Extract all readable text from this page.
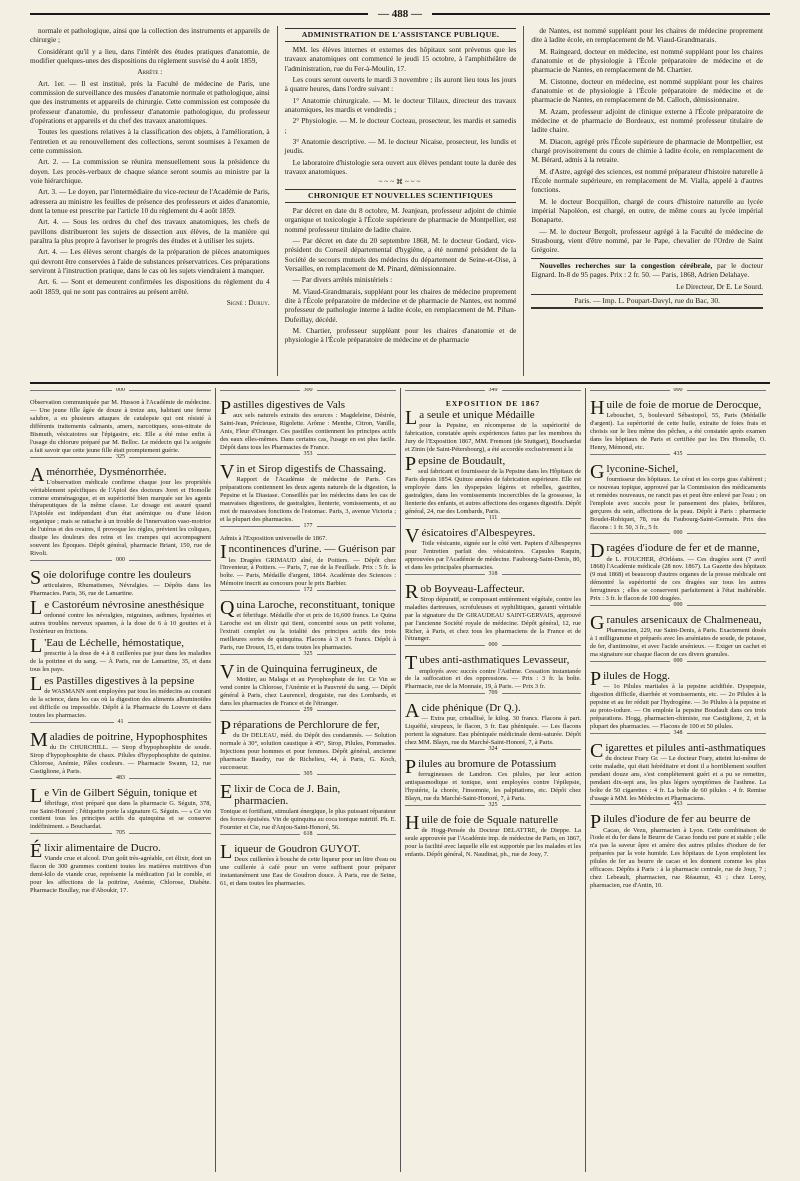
— 488 —

normale et pathologique, ainsi que la collection des instruments et appareils de chirurgie ;

Considérant qu'il y a lieu, dans l'intérêt des études pratiques d'anatomie, de modifier quelques-unes des dispositions du règlement susvisé du 4 août 1859,

Arrête :

Art. 1er. — Il est institué, près la Faculté de médecine de Paris, une commission de surveillance des musées d'anatomie normale et pathologique, ainsi que des instruments et appareils de chirurgie. Cette commission est composée du professeur d'anatomie, du professeur d'anatomie pathologique, du professeur d'opérations et appareils et du chef des travaux anatomiques.

Toutes les questions relatives à la classification des objets, à l'amélioration, à l'entretien et au renouvellement des collections, seront soumises à l'examen de cette commission.

Art. 2. — La commission se réunira mensuellement sous la présidence du doyen. Les procès-verbaux de chaque séance seront soumis au ministre par la voie hiérarchique.

Art. 3. — Le doyen, par l'intermédiaire du vice-recteur de l'Académie de Paris, adressera au ministre les feuilles de présence des professeurs et aides d'anatomie, dont la tenue est prescrite par l'article 10 du règlement du 4 août 1859.

Art. 4. — Sous les ordres du chef des travaux anatomiques, les chefs de pavillons distribueront les sujets de dissection aux élèves, de la manière qui paraîtra la plus propre à favoriser le progrès des études et à utiliser les sujets.

Art. 4. — Les élèves seront chargés de la préparation de pièces anatomiques qui devront être conservées à l'aide de substances préservatrices. Ces préparations serviront à l'instruction pratique, dans le cas où les sujets viendraient à manquer.

Art. 6. — Sont et demeurent confirmées les dispositions du règlement du 4 août 1859, qui ne sont pas contraires au présent arrêté.

Signé : Duruy.
ADMINISTRATION DE L'ASSISTANCE PUBLIQUE.

MM. les élèves internes et externes des hôpitaux sont prévenus que les travaux anatomiques ont commencé le jeudi 15 octobre, à l'amphithéâtre de l'administration, rue du Fer-à-Moulin, 17.

Les cours seront ouverts le mardi 3 novembre ; ils auront lieu tous les jours à quatre heures, dans l'ordre suivant :

1° Anatomie chirurgicale. — M. le docteur Tillaux, directeur des travaux anatomiques, les mardis et vendredis ;

2° Physiologie. — M. le docteur Cocteau, prosecteur, les mardis et samedis ;

3° Anatomie descriptive. — M. le docteur Nicaise, prosecteur, les lundis et jeudis.

Le laboratoire d'histologie sera ouvert aux élèves pendant toute la durée des travaux anatomiques.

~~~⌘~~~
CHRONIQUE ET NOUVELLES SCIENTIFIQUES

Par décret en date du 8 octobre, M. Jeanjean, professeur adjoint de chimie organique et toxicologie à l'École supérieure de pharmacie de Montpellier, est nommé professeur titulaire de ladite chaire.

— Par décret en date du 20 septembre 1868, M. le docteur Godard, vice-président du Conseil départemental d'hygiène, a été nommé président de la Société de secours mutuels des médecins du département de Seine-et-Oise, à Versailles, en remplacement de M. Pinard, démissionnaire.

— Par divers arrêtés ministériels :

M. Viaud-Grandmarais, suppléant pour les chaires de médecine proprement dite à l'École préparatoire de médecine et de pharmacie de Nantes, est nommé professeur de pathologie interne à ladite école, en remplacement de M. Pihan-Dufeillay, décédé.

M. Chartier, professeur suppléant pour les chaires d'anatomie et de physiologie à l'École préparatoire de médecine et de pharmacie

de Nantes, est nommé suppléant pour les chaires de médecine proprement dite à ladite école, en remplacement de M. Viaud-Grandmarais.

M. Raingeard, docteur en médecine, est nommé suppléant pour les chaires d'anatomie et de physiologie à l'École préparatoire de médecine et de pharmacie de Nantes, en remplacement de M. Chartier.

M. Cistonne, docteur en médecine, est nommé suppléant pour les chaires d'anatomie et de physiologie à l'École préparatoire de médecine et de pharmacie de Nantes, en remplacement de M. Calloch, démissionnaire.

M. Azam, professeur adjoint de clinique externe à l'École préparatoire de médecine et de pharmacie de Bordeaux, est nommé professeur titulaire de ladite chaire.

M. Diacon, agrégé près l'École supérieure de pharmacie de Montpellier, est chargé provisoirement du cours de chimie à ladite école, en remplacement de M. Bérard, admis à la retraite.

M. d'Astre, agrégé des sciences, est nommé préparateur d'histoire naturelle à l'École normale supérieure, en remplacement de M. Vialla, appelé à d'autres fonctions.

M. le docteur Bocquillon, chargé de cours d'histoire naturelle au lycée impérial Napoléon, est chargé, en outre, de même cours au lycée impérial Bonaparte.

— M. le docteur Bergolt, professeur agrégé à la Faculté de médecine de Strasbourg, vient d'être nommé, par le Pape, chevalier de l'Ordre de Saint Grégoire.

Nouvelles recherches sur la congestion cérébrale, par le docteur Eignard. In-8 de 95 pages. Prix : 2 fr. 50. — Paris, 1868, Adrien Delahaye.

Le Directeur, Dr E. Le Sourd.
Paris. — Imp. L. Poupart-Davyl, rue du Bac, 30.
000

Observation communiquée par M. Husson à l'Académie de médecine. — Une jeune fille âgée de douze à treize ans, habitant une ferme salubre, a eu plusieurs attaques de catalepsie qui ont résisté à différents traitements calmants, amers, narcotiques, sous-nitrate de Bismuth, vésicatoires sur l'épigastre, etc. Elle a été mise enfin à l'usage du chlorure préparé par M. Belloc. Le médecin qui l'a soignée a fait savoir que cette jeune fille était promptement guérie.

325
Aménorrhée, Dysménorrhée.

L'observation médicale confirme chaque jour les propriétés véritablement spécifiques de l'Apiol des docteurs Joret et Homolle comme emménagogue, et en supériorité bien marquée sur les agents thérapeutiques de la même classe. Le dosage est assuré quand l'Apiolée est indépendant d'un état anémique ou d'une lésion organique ; mais se rattache à un trouble de l'innervation vaso-motrice de l'utérus et des ovaires, il provoque les règles, prévient les coliques, dissipe les douleurs des reins et les crampes qui accompagnent souvent les Époques. Dépôt général, pharmacie Briant, 150, rue de Rivoli.

000
Soie dolorifuge contre les douleurs

articulaires, Rhumatismes, Névralgies. — Dépôts dans les Pharmacies. Paris, 36, rue de Lamartine.

Le Castoréum névrosine anesthésique

ordonné contre les névralgies, migraines, asthmes, hystéries et autres troubles nerveux spasmes, à la dose de 6 à 10 gouttes et à l'extérieur en frictions.

L 'Eau de Léchelle, hémostatique,

prescrite à la dose de 4 à 8 cuillerées par jour dans les maladies de la poitrine et du sang. — À Paris, rue de Lamartine, 35, et dans tous les pays.

Les Pastilles digestives à la pepsine

de WASMANN sont employées par tous les médecins au courant de la science, dans les cas où la digestion des aliments albuminoïdes est difficile ou impossible. Dépôt à la Pharmacie du Louvre et dans toutes les pharmacies.

41
Maladies de poitrine, Hypophosphites

du Dr CHURCHILL. — Sirop d'hypophosphite de soude. Sirop d'hypophosphite de chaux. Pilules d'hypophosphite de quinine. Chlorose, Anémie, Pâles couleurs. — Pharmacie Swann, 12, rue Castiglione, à Paris.

483
Le Vin de Gilbert Séguin, tonique et

fébrifuge, n'est préparé que dans la pharmacie G. Séguin, 378, rue Saint-Honoré ; l'étiquette porte la signature G. Séguin. — « Ce vin contient tous les principes actifs du quinquina et se conserve indéfiniment. » Bouchardat.

705
Élixir alimentaire de Ducro.

Viande crue et alcool. D'un goût très-agréable, cet élixir, dont un flacon de 300 grammes contient toutes les matières nutritives d'un demi-kilo de viande crue, représente la médication j'ai le comble, et pour les affections de la poitrine, Anémie, Chlorose, Diabète. Pharmacie Boullay, rue d'Aboukir, 17.

300
Pastilles digestives de Vals

aux sels naturels extraits des sources : Magdeleine, Désirée, Saint-Jean, Précieuse, Rigolette. Arôme : Menthe, Citron, Vanille, Anis, Fleur d'Oranger. Ces pastilles contiennent les principes actifs des eaux elles-mêmes. Dans certains cas, l'usage en est plus facile. Dépôt dans tous les Pharmacies de France.

353
Vin et Sirop digestifs de Chassaing.

Rapport de l'Académie de médecine de Paris. Ces préparations contiennent les deux agents naturels de la digestion, la Pepsine et la Diastase. Conseillés par les médecins dans les cas de mauvaises digestions, de gastralgies, lienterie, vomissements, et au mot de mauvaises fonctions de l'estomac. Paris, 3, avenue Victoria ; et la plupart des pharmacies.

177

Admis à l'Exposition universelle de 1867.

Incontinences d'urine. — Guérison par

les Dragées GRIMAUD aîné, de Poitiers. — Dépôt chez l'Inventeur, à Poitiers. — Paris, 7, rue de la Feuillade. Prix : 5 fr. la boîte. — Paris, Médaille d'argent, 1864. Académie des Sciences : Mémoire inscrit au concours pour le prix Barbier.

172
Quina Laroche, reconstituant, tonique

et fébrifuge. Médaille d'or et prix de 16,600 francs. Le Quina Laroche est un élixir qui tient, concentré sous un petit volume, l'extrait complet ou la totalité des principes actifs des trois meilleures sortes de quinquina. Flacons à 3 et 5 francs. Dépôt à Paris, rue Drouot, 15, et dans toutes les pharmacies.

325
Vin de Quinquina ferrugineux, de

Mottier, au Malaga et au Pyrophosphate de fer. Ce Vin se vend contre la Chlorose, l'Anémie et la Pauvreté du sang. — Dépôt général à Paris, chez Laurencel, droguiste, rue des Lombards, et dans les pharmacies de France et de l'étranger.

259
Préparations de Perchlorure de fer,

du Dr DELEAU, méd. du Dépôt des condamnés. — Solution normale à 30°, solution caustique à 45°, Sirop, Pilules, Pommades. Injections pour hommes et pour femmes. Dépôt général, ancienne pharmacie Baudry, rue de Richelieu, 44, à Paris, G. Koch, successeur.

305
Elixir de Coca de J. Bain, pharmacien.

Tonique et fortifiant, stimulant énergique, le plus puissant réparateur des forces épuisées. Vin de quinquina au coca tonique nutritif. Ph. E. Fournier et Cie, rue d'Anjou-Saint-Honoré, 56.

618
Liqueur de Goudron GUYOT.

Deux cuillerées à bouche de cette liqueur pour un litre d'eau ou une cuillerée à café pour un verre suffisent pour préparer instantanément une Eau de Goudron douce. À Paris, rue de Seine, 61, et dans toutes les pharmacies.

349
EXPOSITION DE 1867
La seule et unique Médaille

pour la Pepsine, en récompense de la supériorité de fabrication, constatée après expériences faites par les membres du Jury de l'Exposition 1867, MM. Fremont (de Stuttgart), Bouchardat et Zinin (de Saint-Pétersbourg), a été accordée exclusivement à la

Pepsine de Boudault,

seul fabricant et fournisseur de la Pepsine dans les Hôpitaux de Paris depuis 1854. Quinze années de fabrication supérieure. Elle est employée dans les dyspepsies légères et rebelles, gastrites, gastralgies, dans les vomissements incoercibles de la grossesse, la lienterie des enfants, et autres affections des organes digestifs. Dépôt général, 24, rue des Lombards, Paris.

111
Vésicatoires d'Albespeyres.

Toile vésicante, signée sur le côté vert. Papiers d'Albespeyres pour l'entretien parfait des vésicatoires. Capsules Raquin, approuvées par l'Académie de médecine. Faubourg-Saint-Denis, 80, et dans les principales pharmacies.

318
Rob Boyveau-Laffecteur.

Sirop dépuratif, se composant entièrement végétale, contre les maladies dartreuses, scrofuleuses et syphilitiques, garanti véritable par la signature du Dr GIRAUDEAU SAINT-GERVAIS, approuvé par l'ancienne Société royale de médecine. Dépôt général, 12, rue Richer, à Paris, et chez tous les pharmaciens de la France et de l'étranger.

000
Tubes anti-asthmatiques Levasseur,

employés avec succès contre l'Asthme. Cessation instantanée de la suffocation et des oppressions. — Prix : 3 fr. la boîte. Pharmacie, rue de la Monnaie, 19, à Paris. — Prix 3 fr.

709
Acide phénique (Dr Q.).

— Extra pur, cristallisé, le kilog. 30 francs. Flacons à part. Liquéfié, sirupeux, le flacon, 3 fr. Eau phéniquée. — Les flacons portent la signature. Eau phéniquée médicinale demi-saturée. Dépôt chez MM. Blayn, rue du Marché-Saint-Honoré, 7, à Paris.

324
Pilules au bromure de Potassium

ferrugineuses de Landron. Ces pilules, par leur action antispasmodique et tonique, sont employées contre l'épilepsie, l'hystérie, la chorée, l'insomnie, les palpitations, etc. Dépôt chez Blayn, rue du Marché-Saint-Honoré, 7, à Paris.

325
Huile de foie de Squale naturelle

de Hogg-Pensée du Docteur DELATTRE, de Dieppe. La seule approuvée par l'Académie imp. de médecine de Paris, en 1867, pour la facilité avec laquelle elle est supportée par les malades et les enfants. Dépôt général, N. Naudinat, ph., rue de Jouy, 7.

000
Huile de foie de morue de Derocque,

Lebouchet, 5, boulevard Sébastopol, 55, Paris (Médaille d'argent). La supériorité de cette huile, extraite de foies frais et choisis sur le lieu même des pêches, a été constatée après examen dans les hôpitaux de Paris et certifiée par les Drs Homolle, O. Henry, Mémond, etc.

435
Glyconine-Sichel,

fournisseur des hôpitaux. Le cérat et les corps gras s'altèrent ; ce nouveau topique, approuvé par la Commission des médicaments et remèdes nouveaux, ne rancit pas et peut être enlevé par l'eau ; on l'emploie avec succès pour le pansement des plaies, brûlures, gerçures du sein, affections de la peau. Dépôt à Paris : pharmacie Boudet-Robiquet, 78, rue du Faubourg-Saint-Germain. Prix des flacons : 1 fr. 50, 3 fr., 5 fr.

000
Dragées d'iodure de fer et de manne,

de L. FOUCHER, d'Orléans. — Ces dragées sont (7 avril 1868) l'Académie médicale (28 nov. 1867). La Gazette des hôpitaux (9 mai 1868) et beaucoup d'autres organes de la presse médicale ont démontré la supériorité de ces dragées sur tous les autres ferrugineux ; elles se conservent parfaitement à l'état inaltérable. Prix : 3 fr. le flacon de 100 dragées.

000
Granules arsenicaux de Chalmeneau,

Pharmacien, 229, rue Saint-Denis, à Paris. Exactement dosés à 1 milligramme et préparés avec les arséniates de soude, de potasse, de fer, d'antimoine, et avec l'acide arsénieux. — Exiger un cachet et ma signature sur chaque flacon de ces divers granules.

000
Pilules de Hogg.

— 1o Pilules martiales à la pepsine acidifiée. Dyspepsie, digestion difficile, diarrhée et vomissements, etc. — 2o Pilules à la pepsine et au fer réduit par l'hydrogène. — 3o Pilules à la pepsine et au proto-iodure. — On emploie la pepsine Boudault dans ces trois préparations. Hogg, pharmacien-chimiste, rue Castiglione, 2, et la plupart des pharmacies. — Flacons de 100 et 50 pilules.

348
Cigarettes et pilules anti-asthmatiques

du docteur Frary Gr. — Le docteur Frary, atteint lui-même de cette maladie, qui était héréditaire et dont il a horriblement souffert pendant douze ans, s'est complètement guéri et a pu se remettre, pendant dix-sept ans, les plus légers symptômes de l'asthme. La boîte de 50 cigarettes : 4 fr. La boîte de 60 pilules : 4 fr. Remise d'usage à MM. les Médecins et Pharmaciens.

453
Pilules d'iodure de fer au beurre de

Cacao, de Vezu, pharmacien à Lyon. Cette combinaison de l'iode et du fer dans le Beurre de Cacao fondu est pure et stable ; elle n'a pas la saveur âpre et amère des autres pilules d'iodure de fer préparées par la voie humide. Les hôpitaux de Lyon emploient les pilules de fer au beurre de cacao et les donnent comme les plus efficaces. Dépôts à Paris : à la pharmacie centrale, rue de Jouy, 7 ; chez Lebeault, pharmacien, rue Réaumur, 43 ; chez Leroy, pharmacien, rue d'Antin, 10.
